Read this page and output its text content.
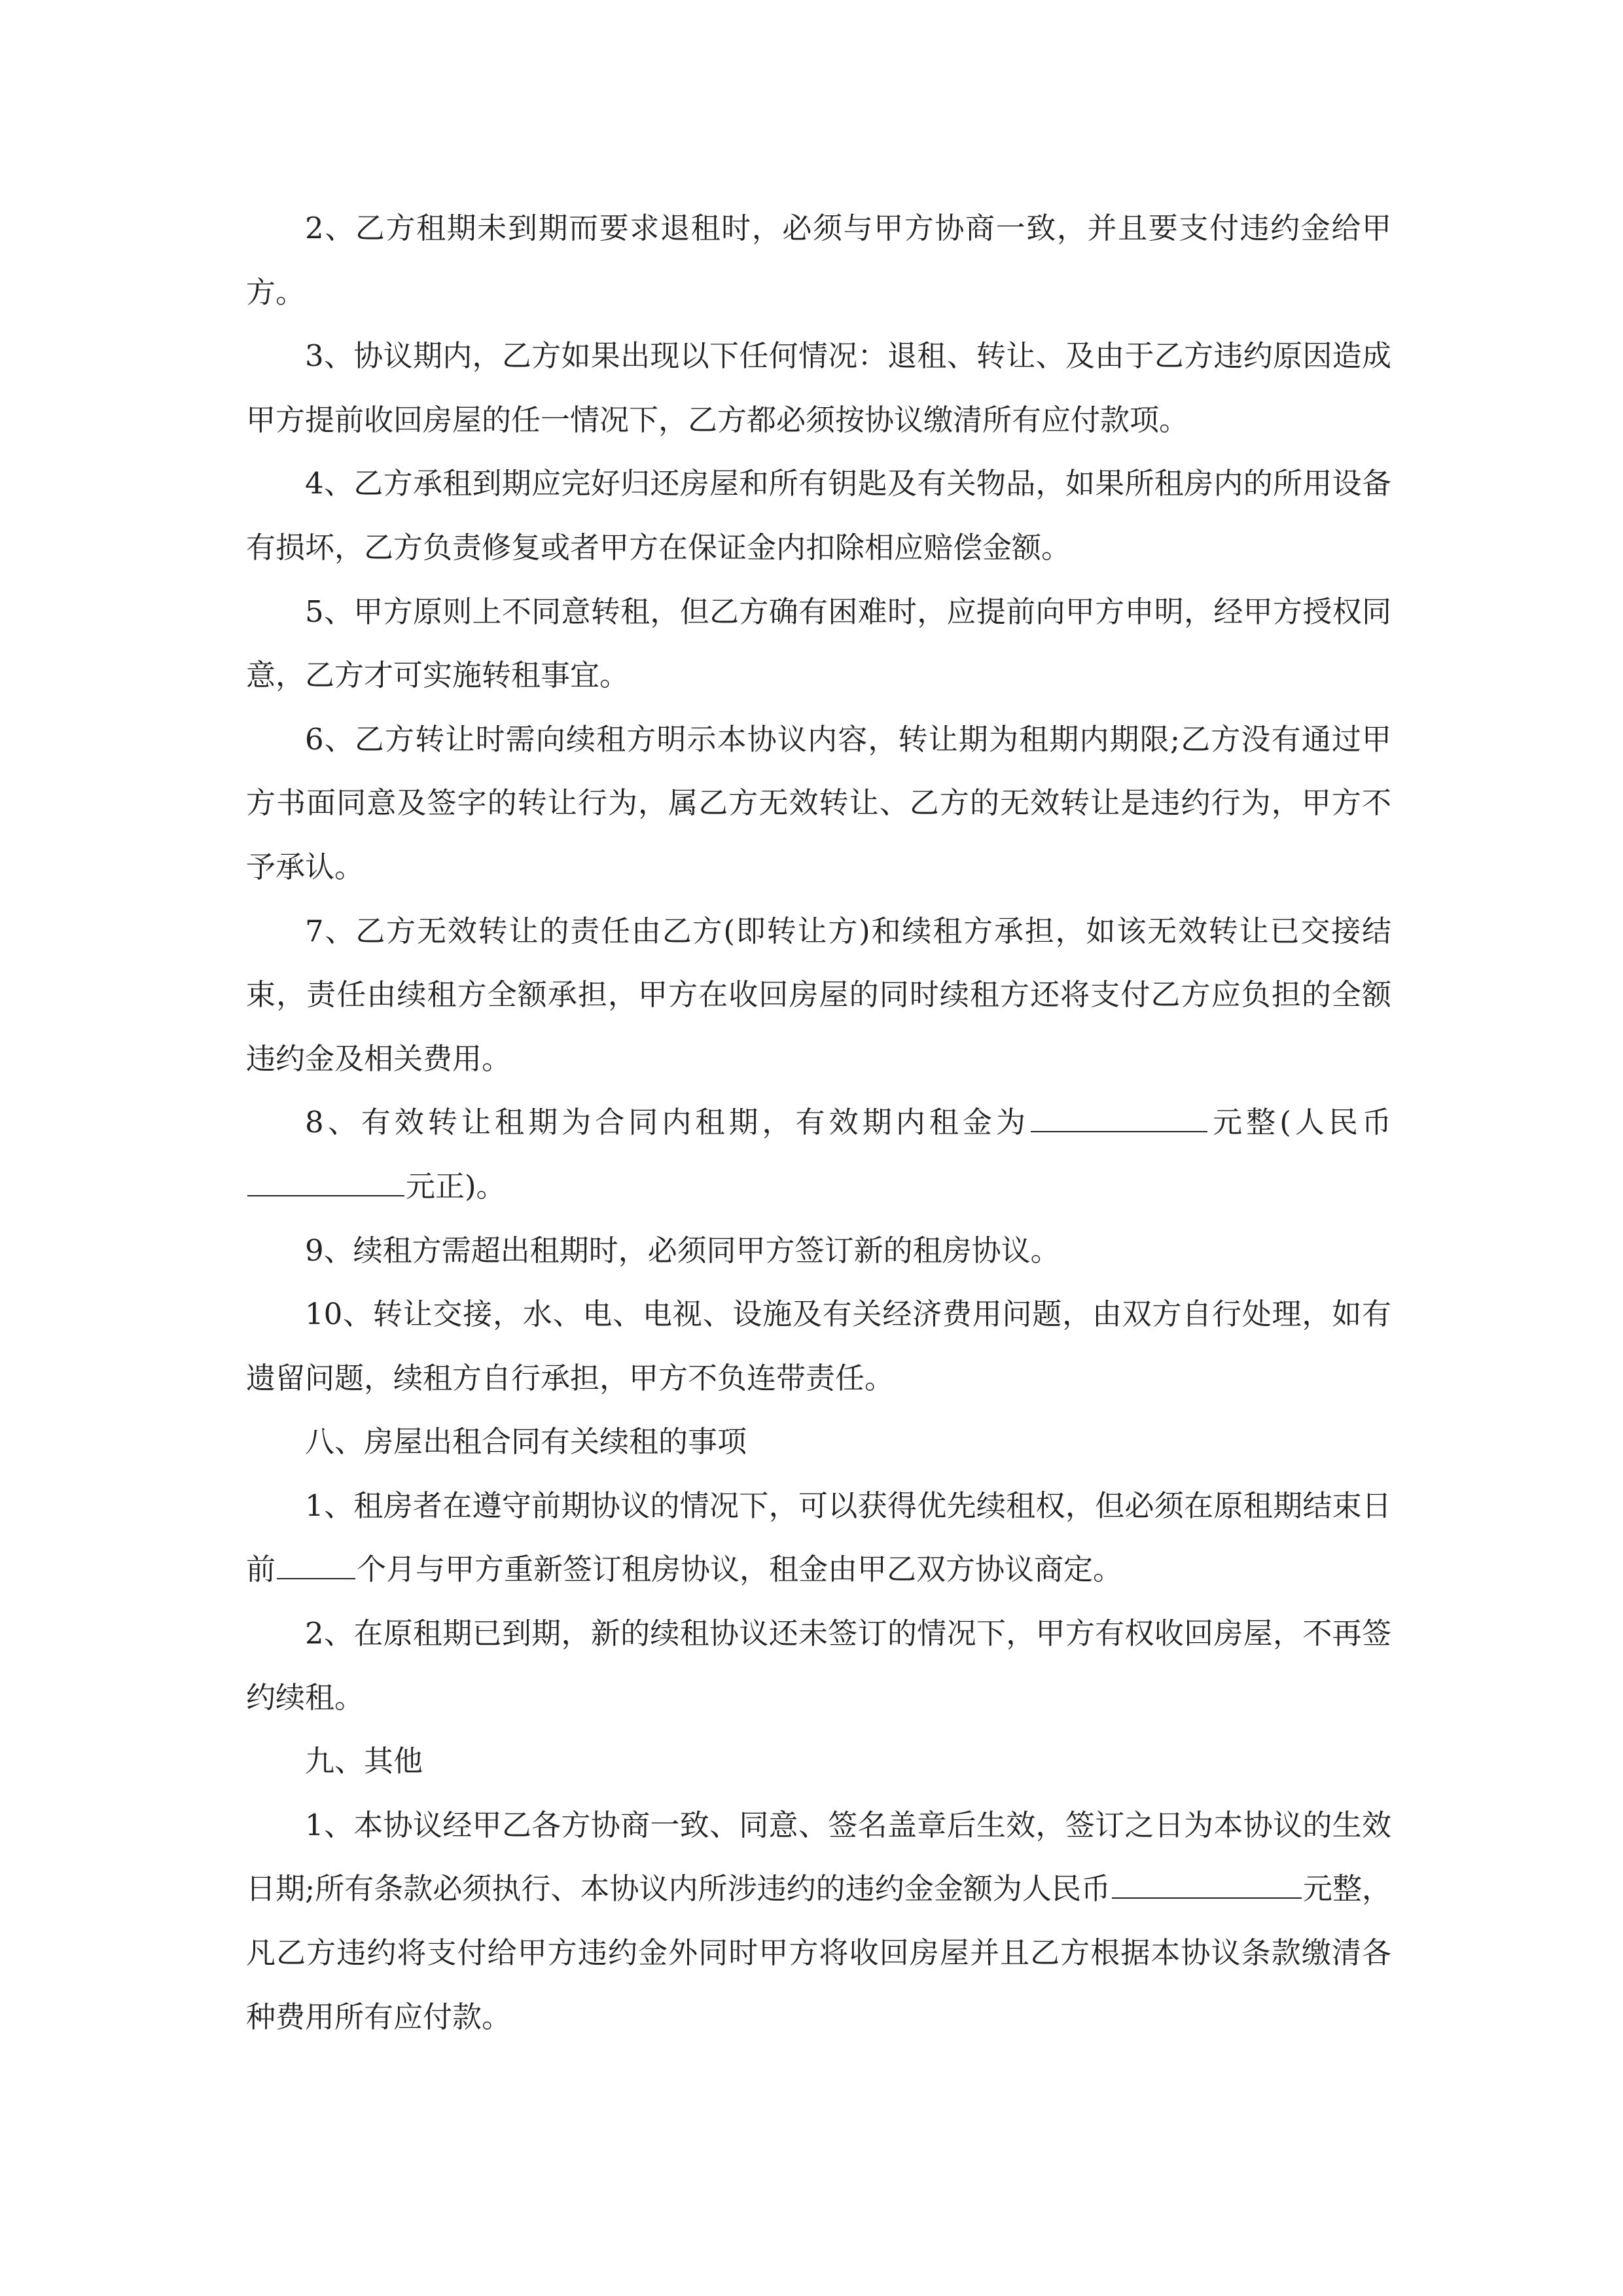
2、乙方租期未到期而要求退租时，必须与甲方协商一致，并且要支付违约金给甲方。

3、协议期内，乙方如果出现以下任何情况：退租、转让、及由于乙方违约原因造成甲方提前收回房屋的任一情况下，乙方都必须按协议缴清所有应付款项。

4、乙方承租到期应完好归还房屋和所有钥匙及有关物品，如果所租房内的所用设备有损坏，乙方负责修复或者甲方在保证金内扣除相应赔偿金额。

5、甲方原则上不同意转租，但乙方确有困难时，应提前向甲方申明，经甲方授权同意，乙方才可实施转租事宜。

6、乙方转让时需向续租方明示本协议内容，转让期为租期内期限;乙方没有通过甲方书面同意及签字的转让行为，属乙方无效转让、乙方的无效转让是违约行为，甲方不予承认。

7、乙方无效转让的责任由乙方(即转让方)和续租方承担，如该无效转让已交接结束，责任由续租方全额承担，甲方在收回房屋的同时续租方还将支付乙方应负担的全额违约金及相关费用。

8、有效转让租期为合同内租期，有效期内租金为	元整(人民币元正)。

9、续租方需超出租期时，必须同甲方签订新的租房协议。

10、转让交接，水、电、电视、设施及有关经济费用问题，由双方自行处理，如有遗留问题，续租方自行承担，甲方不负连带责任。

八、房屋出租合同有关续租的事项

1、租房者在遵守前期协议的情况下，可以获得优先续租权，但必须在原租期结束日前	个月与甲方重新签订租房协议，租金由甲乙双方协议商定。

2、在原租期已到期，新的续租协议还未签订的情况下，甲方有权收回房屋，不再签约续租。

九、其他

1、本协议经甲乙各方协商一致、同意、签名盖章后生效，签订之日为本协议的生效日期;所有条款必须执行、本协议内所涉违约的违约金金额为人民币	元整，凡乙方违约将支付给甲方违约金外同时甲方将收回房屋并且乙方根据本协议条款缴清各种费用所有应付款。
